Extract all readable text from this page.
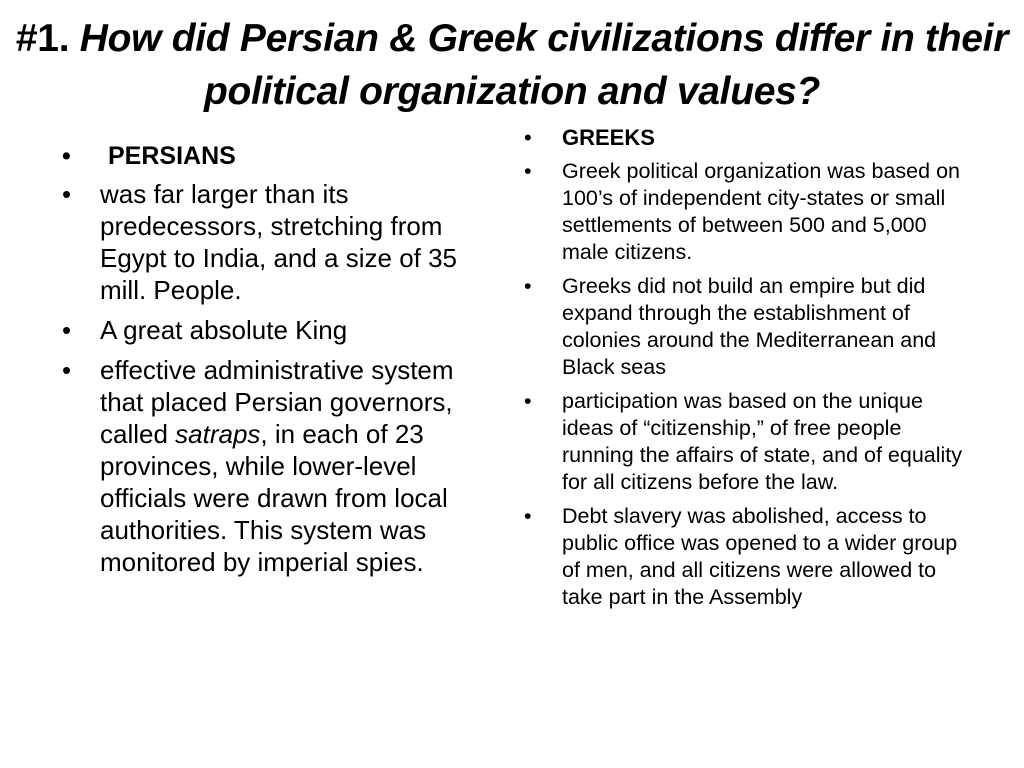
#1. How did Persian & Greek civilizations differ in their political organization and values?
• PERSIANS
• was far larger than its predecessors, stretching from Egypt to India, and a size of 35 mill. People.
• A great absolute King
• effective administrative system that placed Persian governors, called satraps, in each of 23 provinces, while lower-level officials were drawn from local authorities. This system was monitored by imperial spies.
• GREEKS
• Greek political organization was based on 100’s of independent city-states or small settlements of between 500 and 5,000 male citizens.
• Greeks did not build an empire but did expand through the establishment of colonies around the Mediterranean and Black seas
• participation was based on the unique ideas of “citizenship,” of free people running the affairs of state, and of equality for all citizens before the law.
• Debt slavery was abolished, access to public office was opened to a wider group of men, and all citizens were allowed to take part in the Assembly
